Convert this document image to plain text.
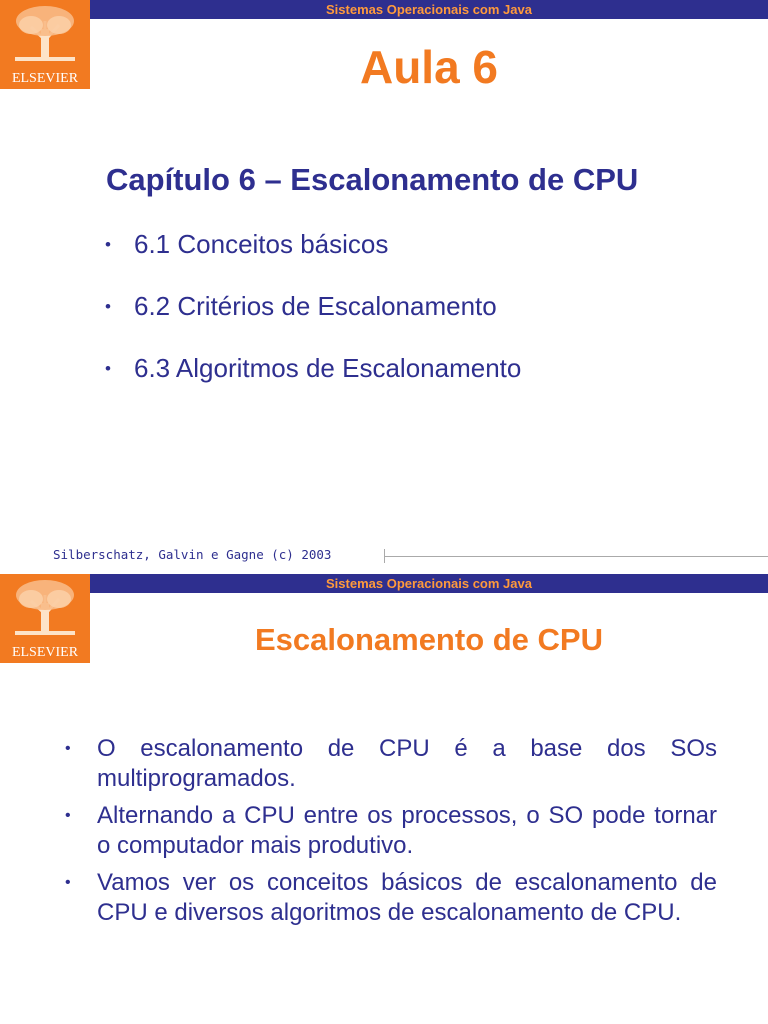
ELSEVIER
Sistemas Operacionais com Java
Aula 6
Capítulo 6 – Escalonamento de CPU
• 6.1 Conceitos básicos
• 6.2 Critérios de Escalonamento
• 6.3 Algoritmos de Escalonamento
Silberschatz, Galvin e Gagne (c) 2003
ELSEVIER
Sistemas Operacionais com Java
Escalonamento de CPU
• O escalonamento de CPU é a base dos SOs multiprogramados.
• Alternando a CPU entre os processos, o SO pode tornar o computador mais produtivo.
• Vamos ver os conceitos básicos de escalonamento de CPU e diversos algoritmos de escalonamento de CPU.
